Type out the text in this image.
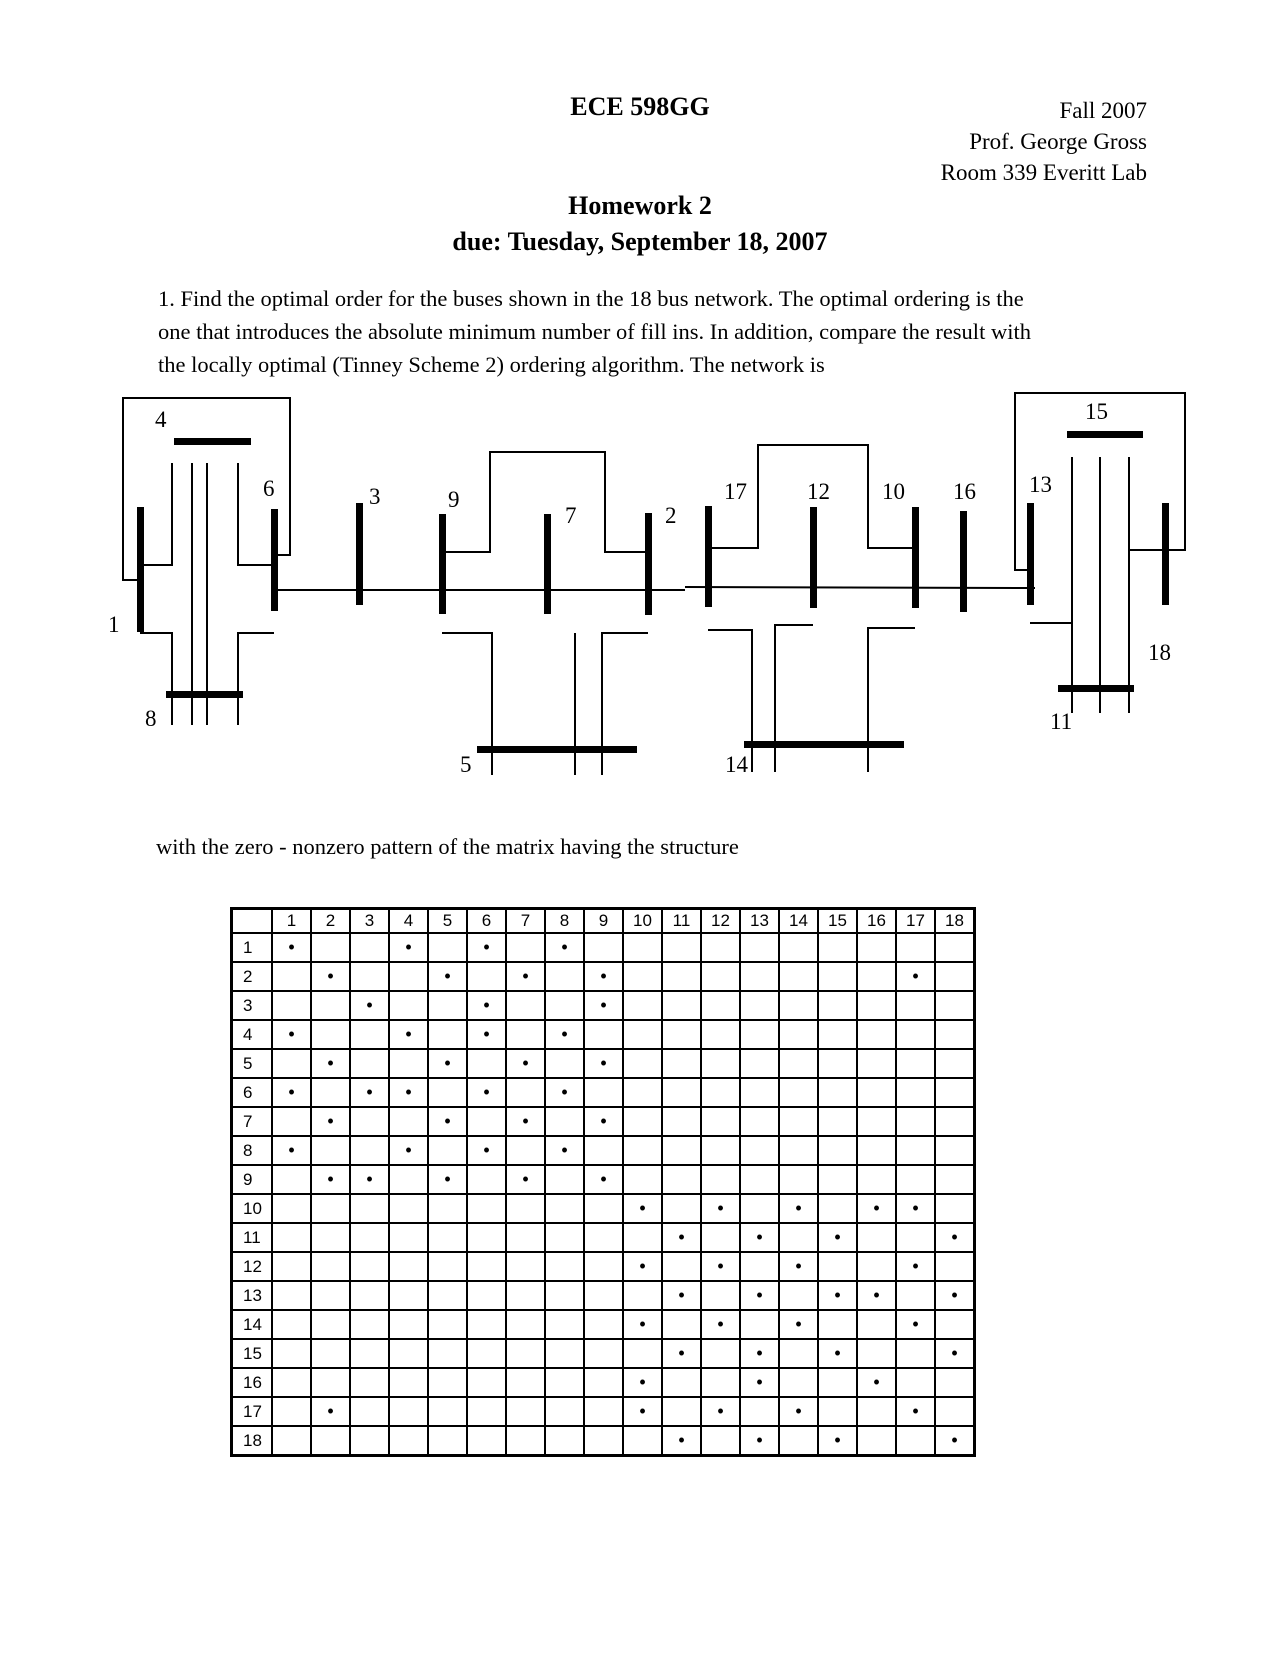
ECE 598GG	Fall 2007
Prof. George Gross
Room 339 Everitt Lab
Homework 2
due: Tuesday, September 18, 2007
1. Find the optimal order for the buses shown in the 18 bus network. The optimal ordering is the
one that introduces the absolute minimum number of fill ins. In addition, compare the result with
the locally optimal (Tinney Scheme 2) ordering algorithm. The network is
1
2
3
4
5
6
7
8
9	10
11
12	13
14
15
16
17
18
with the zero - nonzero pattern of the matrix having the structure
	1	2	3	4	5	6	7	8	9	10	11	12	13	14	15	16	17	18
1	•			•		•		•										
2		•			•		•		•								•	
3			•			•			•									
4	•			•		•		•										
5		•			•		•		•									
6	•		•	•		•		•										
7		•			•		•		•									
8	•			•		•		•										
9		•	•		•		•		•									
10										•		•		•		•	•	
11											•		•		•			•
12										•		•		•			•	
13											•		•		•	•		•
14										•		•		•			•	
15											•		•		•			•
16										•			•			•		
17		•								•		•		•			•	
18											•		•		•			•
